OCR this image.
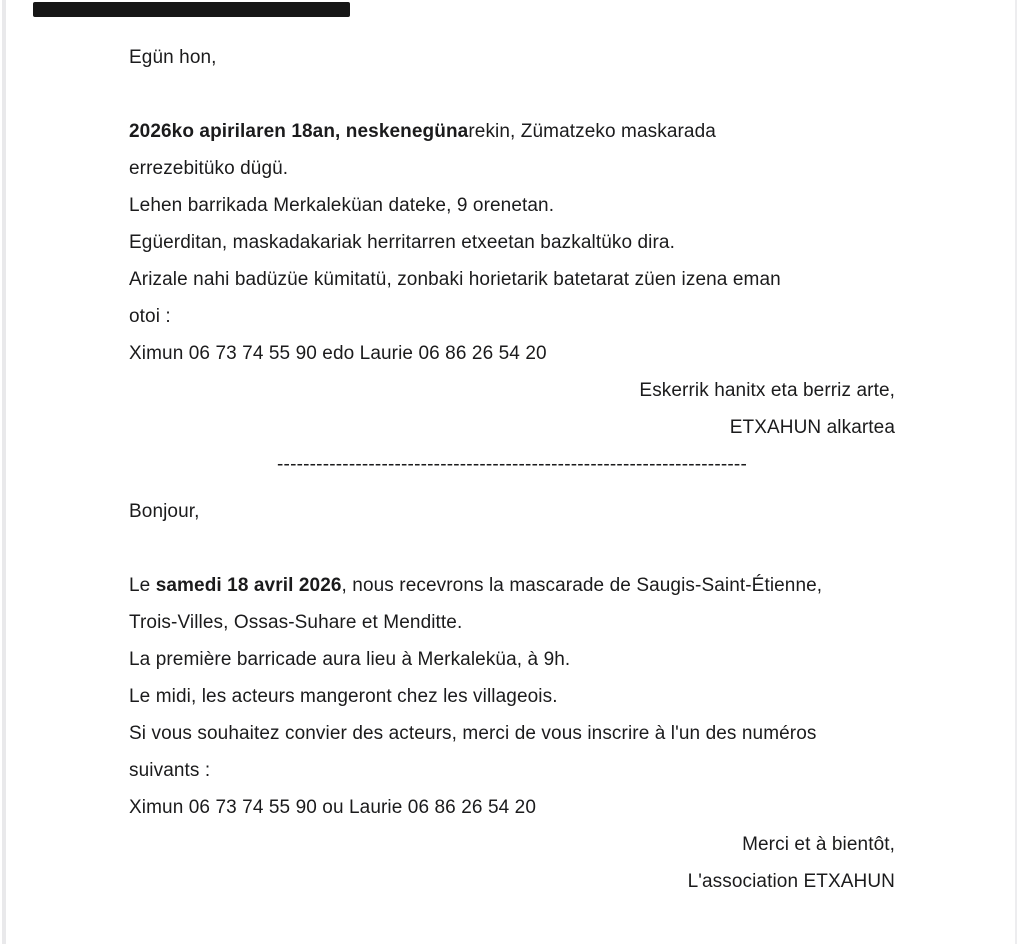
Egün hon,

2026ko apirilaren 18an, neskenegünarekin, Zümatzeko maskarada
errezebitüko dügü.
Lehen barrikada Merkaleküan dateke, 9 orenetan.
Egüerditan, maskadakariak herritarren etxeetan bazkaltüko dira.
Arizale nahi badüzüe kümitatü, zonbaki horietarik batetarat züen izena eman
otoi :
Ximun 06 73 74 55 90 edo Laurie 06 86 26 54 20
Eskerrik hanitx eta berriz arte,
ETXAHUN alkartea
------------------------------------------------------------------------
Bonjour,

Le samedi 18 avril 2026, nous recevrons la mascarade de Saugis-Saint-Étienne,
Trois-Villes, Ossas-Suhare et Menditte.
La première barricade aura lieu à Merkaleküa, à 9h.
Le midi, les acteurs mangeront chez les villageois.
Si vous souhaitez convier des acteurs, merci de vous inscrire à l'un des numéros
suivants :
Ximun 06 73 74 55 90 ou Laurie 06 86 26 54 20
Merci et à bientôt,
L'association ETXAHUN
